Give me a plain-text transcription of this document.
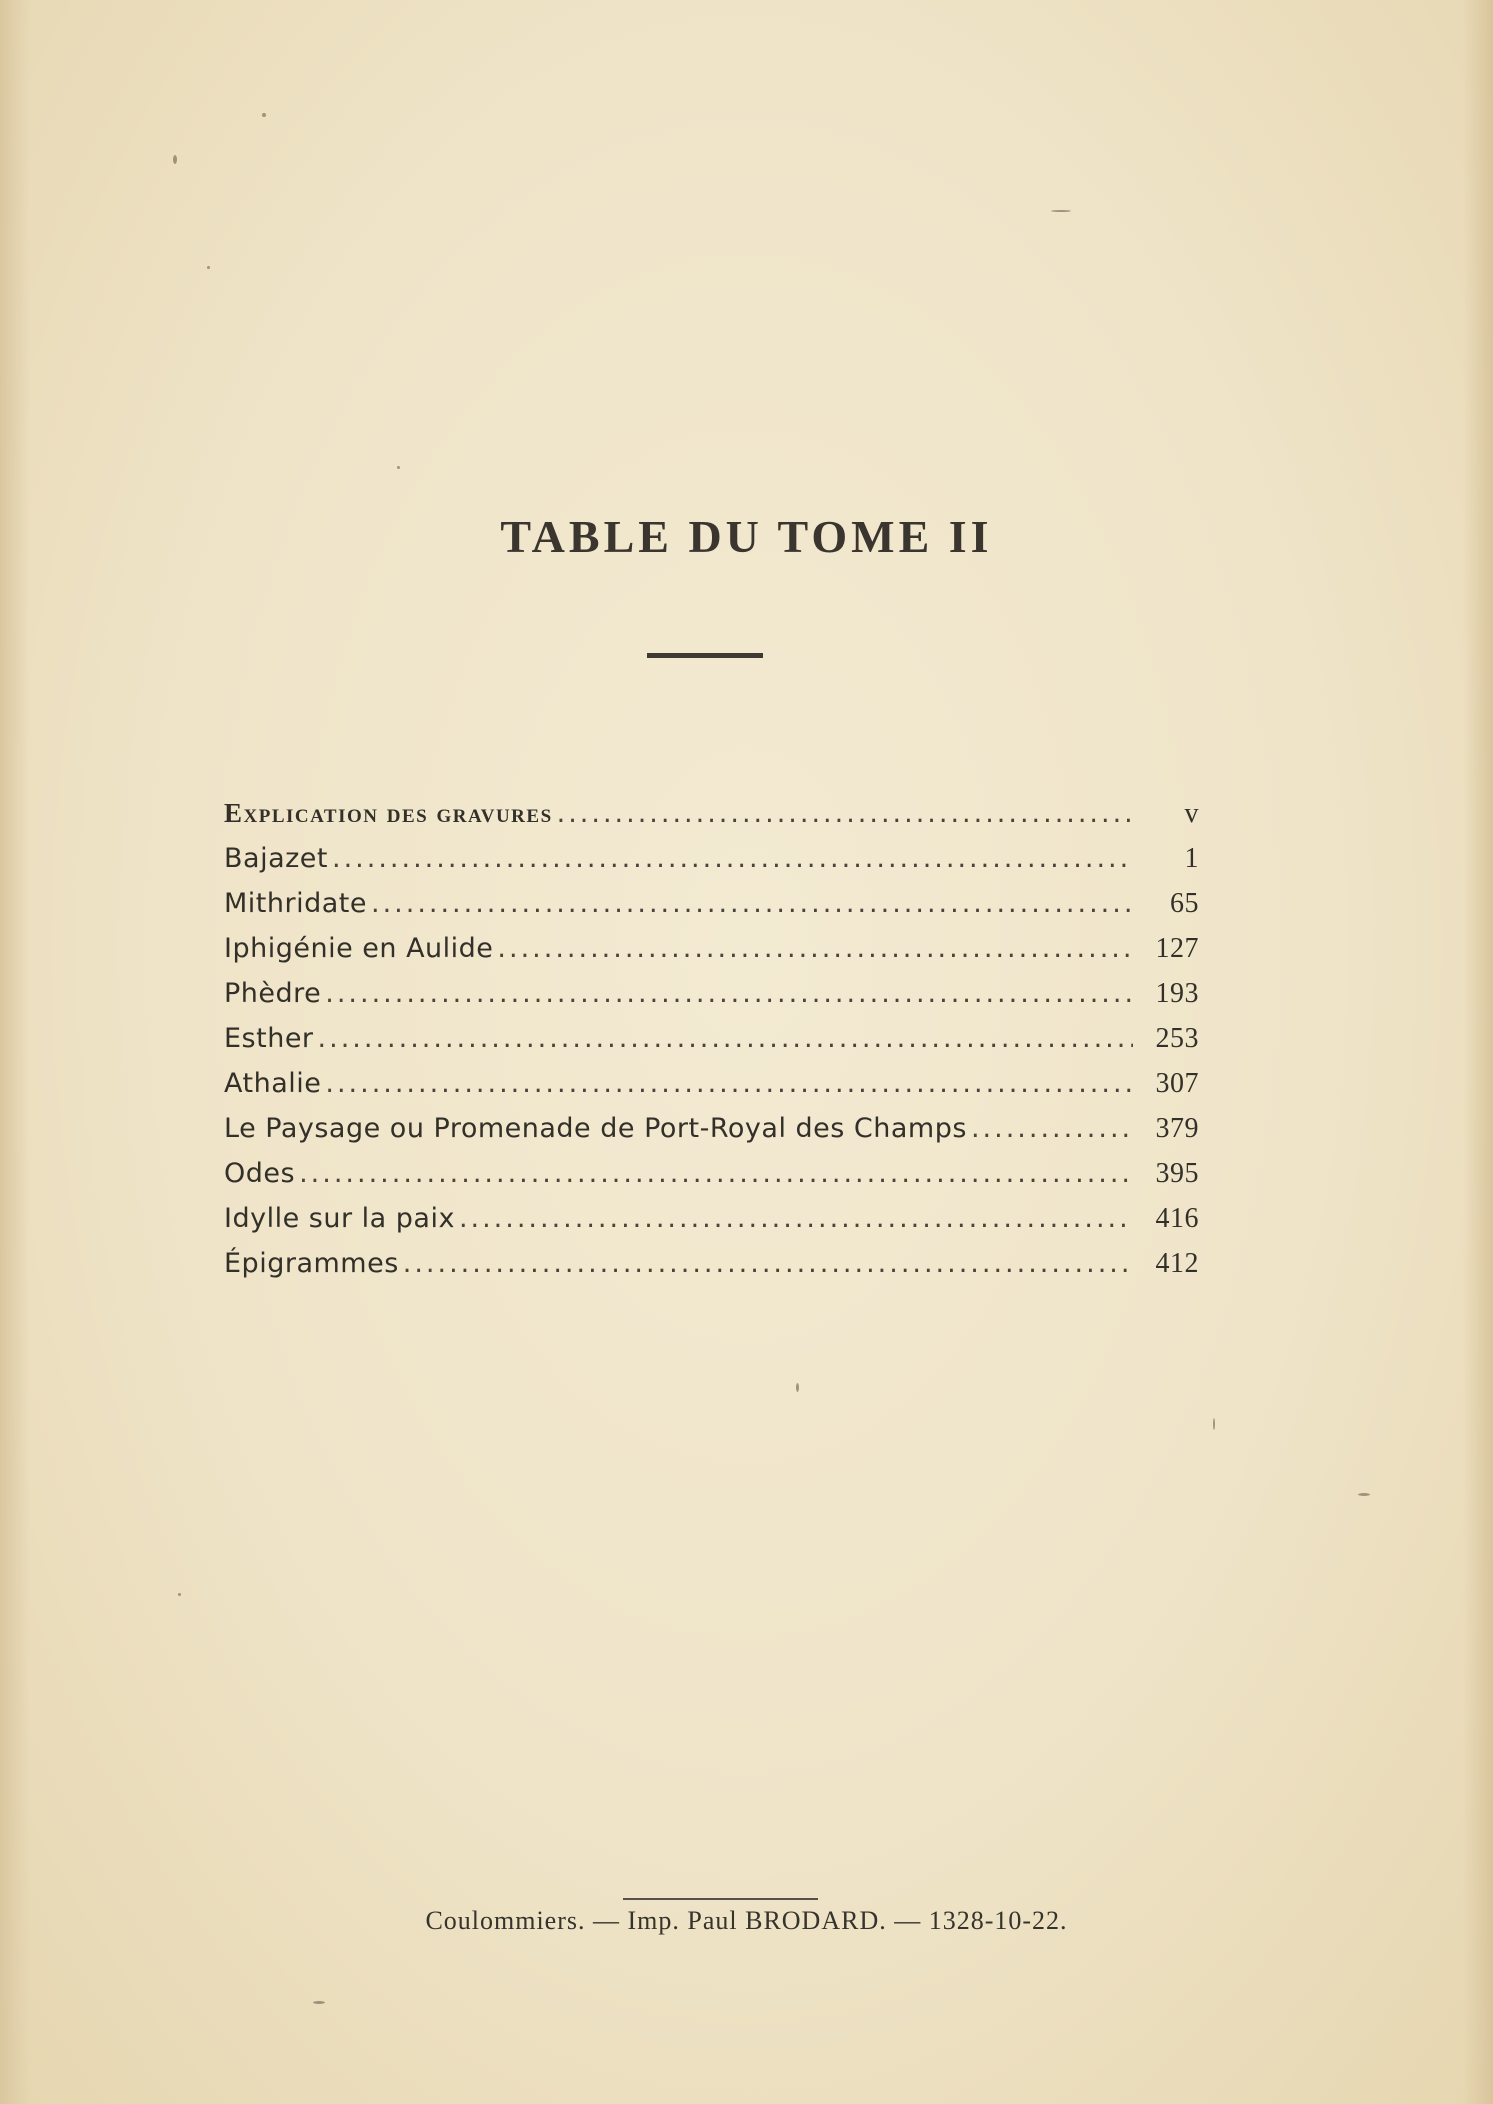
TABLE DU TOME II
Explication des gravures .....	v
Bajazet .....	1
Mithridate .....	65
Iphigénie en Aulide .....	127
Phèdre .....	193
Esther .....	253
Athalie .....	307
Le Paysage ou Promenade de Port-Royal des Champs .....	379
Odes .....	395
Idylle sur la paix .....	416
Épigrammes .....	412
Coulommiers. — Imp. Paul BRODARD. — 1328-10-22.
